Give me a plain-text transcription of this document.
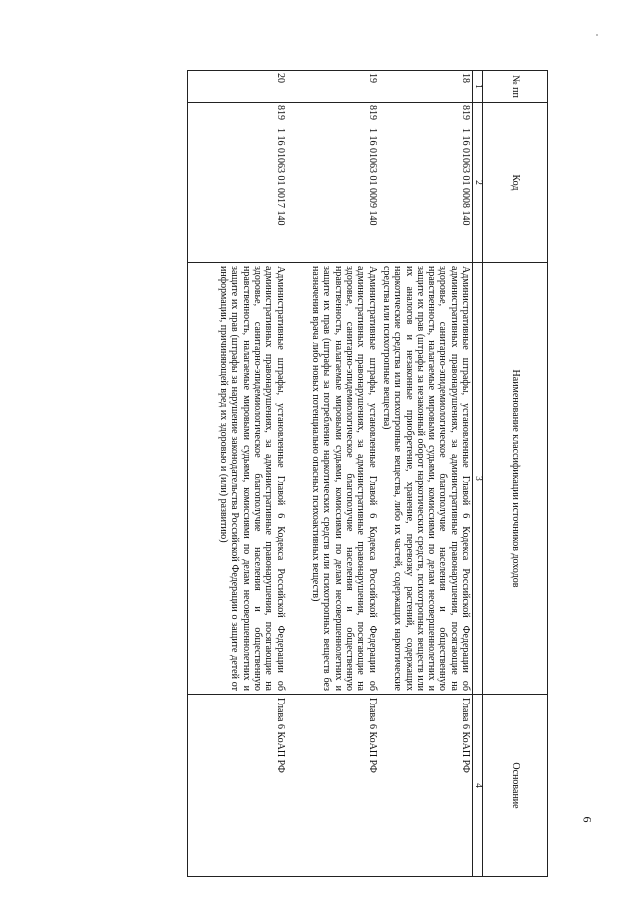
6
№ пп	Код	Наименование классификации источников доходов	Основание
1	2	3	4
18	8191 16 01063 01 0008 140	Административные штрафы, установленные Главой 6 Кодекса Российской Федерации об административных правонарушениях, за административные правонарушения, посягающие на здоровье, санитарно-эпидемиологическое благополучие населения и общественную нравственность, налагаемые мировыми судьями, комиссиями по делам несовершеннолетних и защите их прав (штрафы за незаконный оборот наркотических средств, психотропных веществ или их аналогов и незаконные приобретение, хранение, перевозку растений, содержащих наркотические средства или психотропные вещества, либо их частей, содержащих наркотические средства или психотропные вещества)	Глава 6 КоАП РФ
19	8191 16 01063 01 0009 140	Административные штрафы, установленные Главой 6 Кодекса Российской Федерации об административных правонарушениях, за административные правонарушения, посягающие на здоровье, санитарно-эпидемиологическое благополучие населения и общественную нравственность, налагаемые мировыми судьями, комиссиями по делам несовершеннолетних и защите их прав (штрафы за потребление наркотических средств или психотропных веществ без назначения врача либо новых потенциально опасных психоактивных веществ)	Глава 6 КоАП РФ
20	8191 16 01063 01 0017 140	Административные штрафы, установленные Главой 6 Кодекса Российской Федерации об административных правонарушениях, за административные правонарушения, посягающие на здоровье, санитарно-эпидемиологическое благополучие населения и общественную нравственность, налагаемые мировыми судьями, комиссиями по делам несовершеннолетних и защите их прав (штрафы за нарушение законодательства Российской Федерации о защите детей от информации, причиняющей вред их здоровью и (или) развитию)	Глава 6 КоАП РФ
